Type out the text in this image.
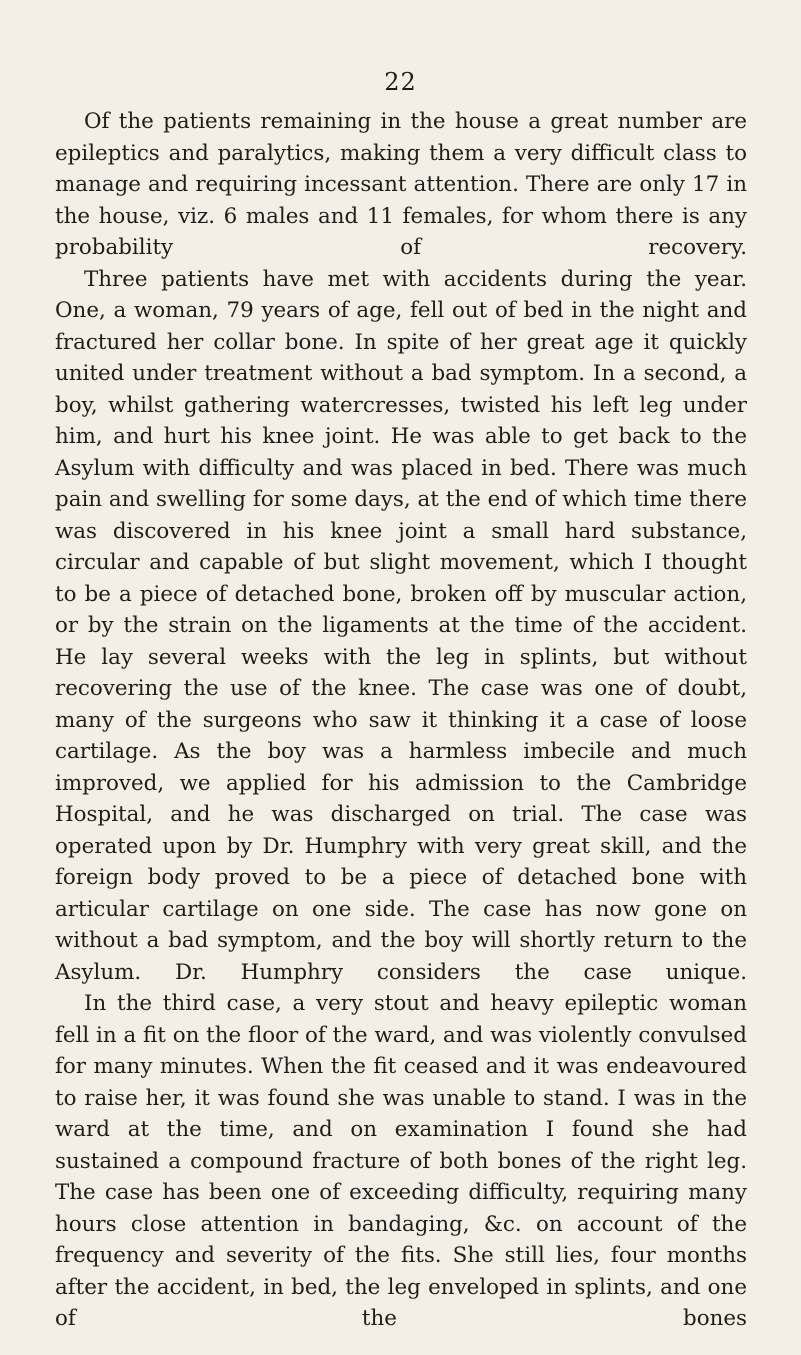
22

Of the patients remaining in the house a great number are epileptics and paralytics, making them a very difficult class to manage and requiring incessant attention. There are only 17 in the house, viz. 6 males and 11 females, for whom there is any probability of recovery.

Three patients have met with accidents during the year. One, a woman, 79 years of age, fell out of bed in the night and fractured her collar bone. In spite of her great age it quickly united under treatment without a bad symptom. In a second, a boy, whilst gathering watercresses, twisted his left leg under him, and hurt his knee joint. He was able to get back to the Asylum with difficulty and was placed in bed. There was much pain and swelling for some days, at the end of which time there was discovered in his knee joint a small hard substance, circular and capable of but slight movement, which I thought to be a piece of detached bone, broken off by muscular action, or by the strain on the ligaments at the time of the accident. He lay several weeks with the leg in splints, but without recovering the use of the knee. The case was one of doubt, many of the surgeons who saw it thinking it a case of loose cartilage. As the boy was a harmless imbecile and much improved, we applied for his admission to the Cambridge Hospital, and he was discharged on trial. The case was operated upon by Dr. Humphry with very great skill, and the foreign body proved to be a piece of detached bone with articular cartilage on one side. The case has now gone on without a bad symptom, and the boy will shortly return to the Asylum. Dr. Humphry considers the case unique.

In the third case, a very stout and heavy epileptic woman fell in a fit on the floor of the ward, and was violently convulsed for many minutes. When the fit ceased and it was endeavoured to raise her, it was found she was unable to stand. I was in the ward at the time, and on examination I found she had sustained a compound fracture of both bones of the right leg. The case has been one of exceeding difficulty, requiring many hours close attention in bandaging, &c. on account of the frequency and severity of the fits. She still lies, four months after the accident, in bed, the leg enveloped in splints, and one of the bones
